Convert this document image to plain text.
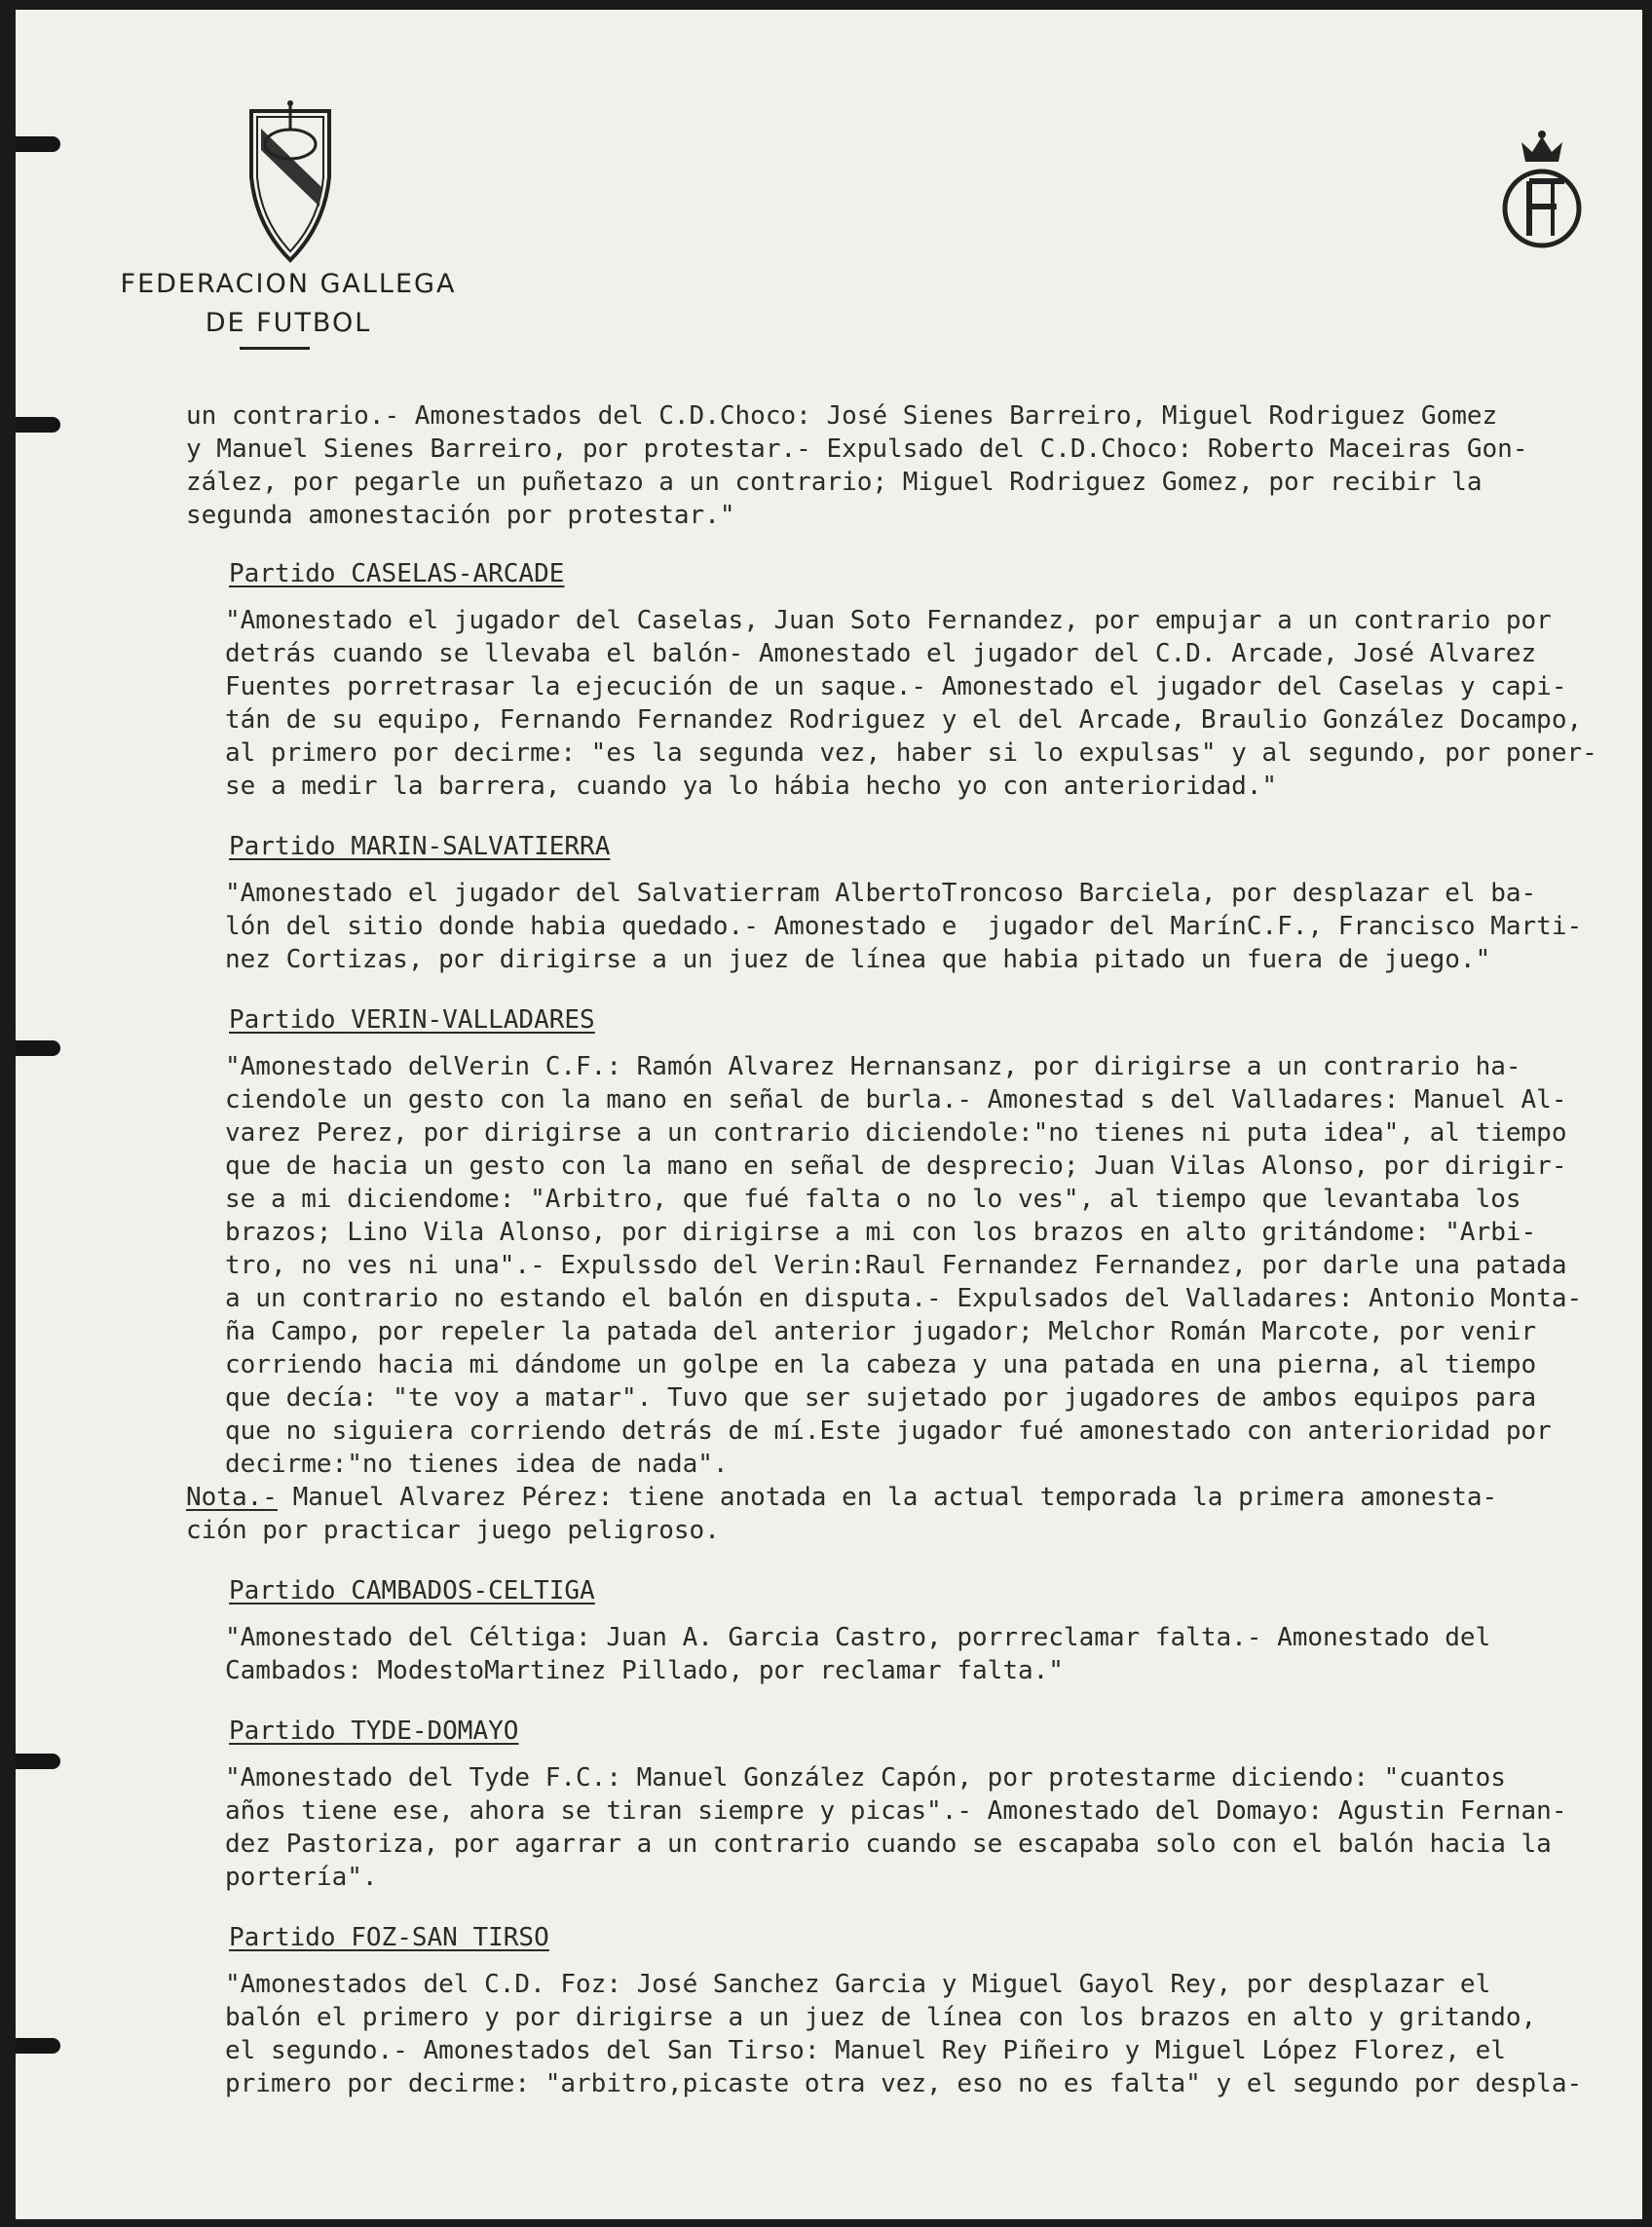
FEDERACION GALLEGA
DE FUTBOL

un contrario.- Amonestados del C.D.Choco: José Sienes Barreiro, Miguel Rodriguez Gomez

y Manuel Sienes Barreiro, por protestar.- Expulsado del C.D.Choco: Roberto Maceiras Gon-

zález, por pegarle un puñetazo a un contrario; Miguel Rodriguez Gomez, por recibir la

segunda amonestación por protestar."

Partido CASELAS-ARCADE

"Amonestado el jugador del Caselas, Juan Soto Fernandez, por empujar a un contrario por

detrás cuando se llevaba el balón- Amonestado el jugador del C.D. Arcade, José Alvarez

Fuentes porretrasar la ejecución de un saque.- Amonestado el jugador del Caselas y capi-

tán de su equipo, Fernando Fernandez Rodriguez y el del Arcade, Braulio González Docampo,

al primero por decirme: "es la segunda vez, haber si lo expulsas" y al segundo, por poner-

se a medir la barrera, cuando ya lo hábia hecho yo con anterioridad."

Partido MARIN-SALVATIERRA

"Amonestado el jugador del Salvatierram AlbertoTroncoso Barciela, por desplazar el ba-

lón del sitio donde habia quedado.- Amonestado e  jugador del MarínC.F., Francisco Marti-

nez Cortizas, por dirigirse a un juez de línea que habia pitado un fuera de juego."

Partido VERIN-VALLADARES

"Amonestado delVerin C.F.: Ramón Alvarez Hernansanz, por dirigirse a un contrario ha-

ciendole un gesto con la mano en señal de burla.- Amonestad s del Valladares: Manuel Al-

varez Perez, por dirigirse a un contrario diciendole:"no tienes ni puta idea", al tiempo

que de hacia un gesto con la mano en señal de desprecio; Juan Vilas Alonso, por dirigir-

se a mi diciendome: "Arbitro, que fué falta o no lo ves", al tiempo que levantaba los

brazos; Lino Vila Alonso, por dirigirse a mi con los brazos en alto gritándome: "Arbi-

tro, no ves ni una".- Expulssdo del Verin:Raul Fernandez Fernandez, por darle una patada

a un contrario no estando el balón en disputa.- Expulsados del Valladares: Antonio Monta-

ña Campo, por repeler la patada del anterior jugador; Melchor Román Marcote, por venir

corriendo hacia mi dándome un golpe en la cabeza y una patada en una pierna, al tiempo

que decía: "te voy a matar". Tuvo que ser sujetado por jugadores de ambos equipos para

que no siguiera corriendo detrás de mí.Este jugador fué amonestado con anterioridad por

decirme:"no tienes idea de nada".

Nota.- Manuel Alvarez Pérez: tiene anotada en la actual temporada la primera amonesta-

ción por practicar juego peligroso.

Partido CAMBADOS-CELTIGA

"Amonestado del Céltiga: Juan A. Garcia Castro, porrreclamar falta.- Amonestado del

Cambados: ModestoMartinez Pillado, por reclamar falta."

Partido TYDE-DOMAYO

"Amonestado del Tyde F.C.: Manuel González Capón, por protestarme diciendo: "cuantos

años tiene ese, ahora se tiran siempre y picas".- Amonestado del Domayo: Agustin Fernan-

dez Pastoriza, por agarrar a un contrario cuando se escapaba solo con el balón hacia la

portería".

Partido FOZ-SAN TIRSO

"Amonestados del C.D. Foz: José Sanchez Garcia y Miguel Gayol Rey, por desplazar el

balón el primero y por dirigirse a un juez de línea con los brazos en alto y gritando,

el segundo.- Amonestados del San Tirso: Manuel Rey Piñeiro y Miguel López Florez, el

primero por decirme: "arbitro,picaste otra vez, eso no es falta" y el segundo por despla-
